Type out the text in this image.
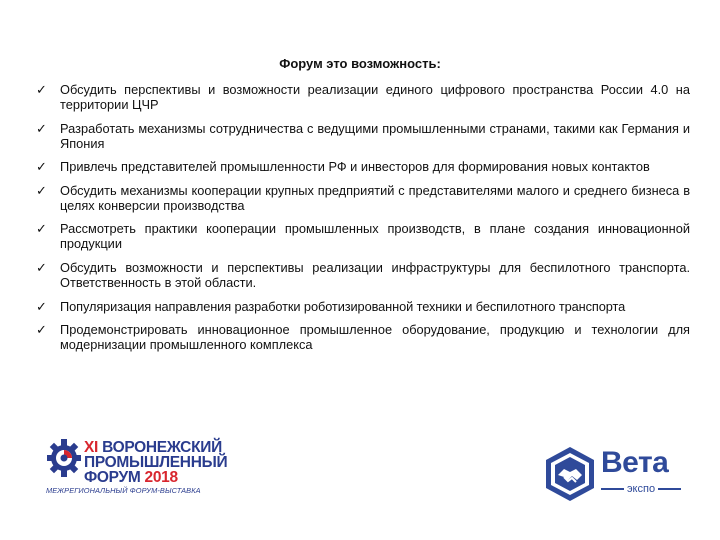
Форум это возможность:
✓	Обсудить перспективы и возможности реализации единого цифрового пространства России 4.0 на территории ЦЧР
✓	Разработать механизмы сотрудничества с ведущими промышленными странами, такими как Германия и Япония
✓	Привлечь представителей промышленности РФ и инвесторов для формирования новых контактов
✓	Обсудить механизмы кооперации крупных предприятий с представителями малого и среднего бизнеса в целях конверсии производства
✓	Рассмотреть практики кооперации промышленных производств, в плане создания инновационной продукции
✓	Обсудить возможности и перспективы реализации инфраструктуры для беспилотного транспорта. Ответственность в этой области.
✓	Популяризация направления разработки роботизированной техники и беспилотного транспорта
✓	Продемонстрировать инновационное промышленное оборудование, продукцию и технологии для модернизации промышленного комплекса
XI ВОРОНЕЖСКИЙ
ПРОМЫШЛЕННЫЙ
ФОРУМ 2018
МЕЖРЕГИОНАЛЬНЫЙ ФОРУМ-ВЫСТАВКА
Вета
экспо
